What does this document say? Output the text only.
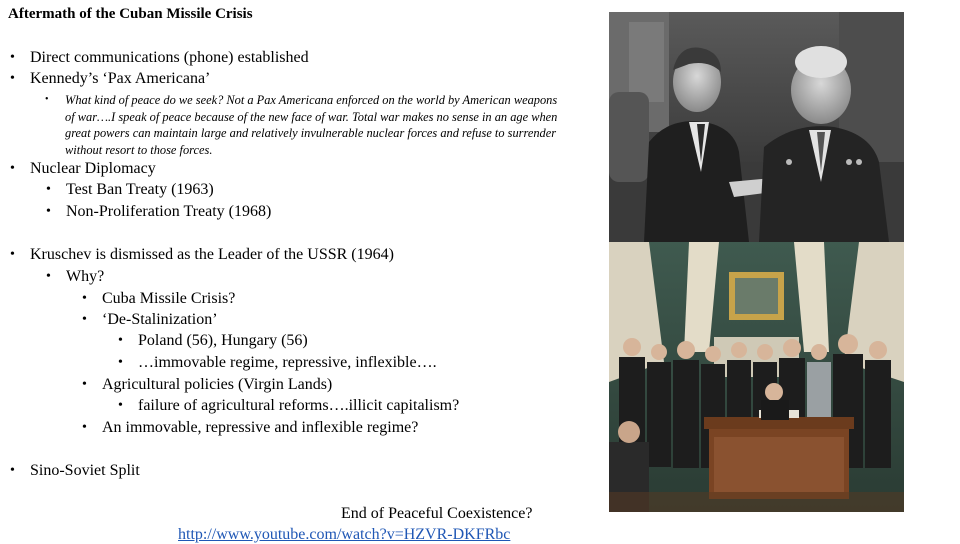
Aftermath of the Cuban Missile Crisis
• Direct communications (phone) established
• Kennedy’s ‘Pax Americana’
• What kind of peace do we seek? Not a Pax Americana enforced on the world by American weapons of war….I speak of peace because of the new face of war. Total war makes no sense in an age when great powers can maintain large and relatively invulnerable nuclear forces and refuse to surrender without resort to those forces.
• Nuclear Diplomacy
• Test Ban Treaty (1963)
• Non-Proliferation Treaty (1968)
• Kruschev is dismissed as the Leader of the USSR (1964)
• Why?
• Cuba Missile Crisis?
• ‘De-Stalinization’
• Poland (56), Hungary (56)
• …immovable regime, repressive, inflexible….
• Agricultural policies (Virgin Lands)
• failure of agricultural reforms….illicit capitalism?
• An immovable, repressive and inflexible regime?
• Sino-Soviet Split
End of Peaceful Coexistence?
http://www.youtube.com/watch?v=HZVR-DKFRbc
